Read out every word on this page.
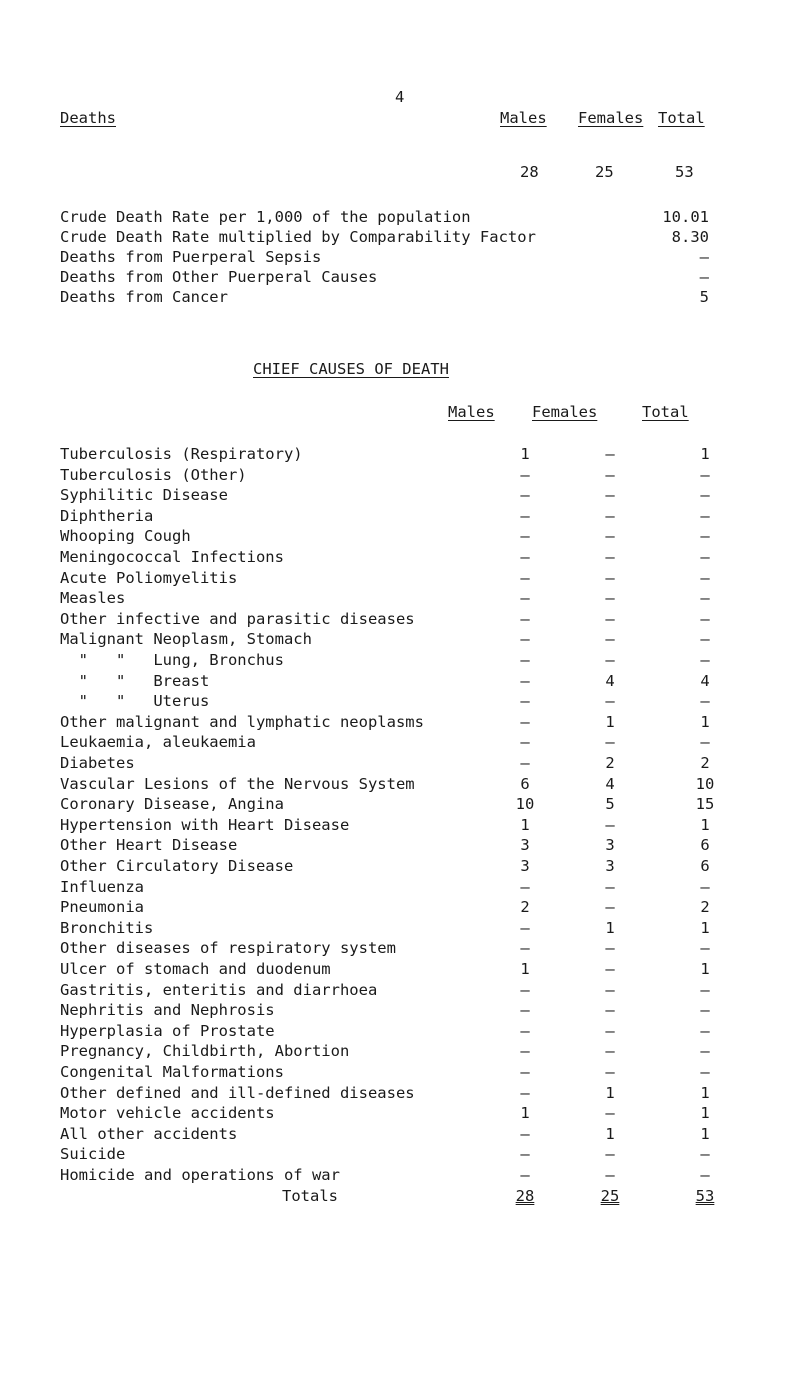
4
Deaths	Males Females Total
28	25	53
Crude Death Rate per 1,000 of the population	10.01
Crude Death Rate multiplied by Comparability Factor	8.30
Deaths from Puerperal Sepsis	–
Deaths from Other Puerperal Causes	–
Deaths from Cancer	5
CHIEF CAUSES OF DEATH
Males Females	Total
Tuberculosis (Respiratory)	1	–	1
Tuberculosis (Other)	–	–	–
Syphilitic Disease	–	–	–
Diphtheria	–	–	–
Whooping Cough	–	–	–
Meningococcal Infections	–	–	–
Acute Poliomyelitis	–	–	–
Measles	–	–	–
Other infective and parasitic diseases	–	–	–
Malignant Neoplasm, Stomach	–	–	–
"   "   Lung, Bronchus	–	–	–
"   "   Breast	–	4	4
"   "   Uterus	–	–	–
Other malignant and lymphatic neoplasms	–	1	1
Leukaemia, aleukaemia	–	–	–
Diabetes	–	2	2
Vascular Lesions of the Nervous System	6	4	10
Coronary Disease, Angina	10	5	15
Hypertension with Heart Disease	1	–	1
Other Heart Disease	3	3	6
Other Circulatory Disease	3	3	6
Influenza	–	–	–
Pneumonia	2	–	2
Bronchitis	–	1	1
Other diseases of respiratory system	–	–	–
Ulcer of stomach and duodenum	1	–	1
Gastritis, enteritis and diarrhoea	–	–	–
Nephritis and Nephrosis	–	–	–
Hyperplasia of Prostate	–	–	–
Pregnancy, Childbirth, Abortion	–	–	–
Congenital Malformations	–	–	–
Other defined and ill-defined diseases	–	1	1
Motor vehicle accidents	1	–	1
All other accidents	–	1	1
Suicide	–	–	–
Homicide and operations of war	–	–	–
Totals	28	25	53
